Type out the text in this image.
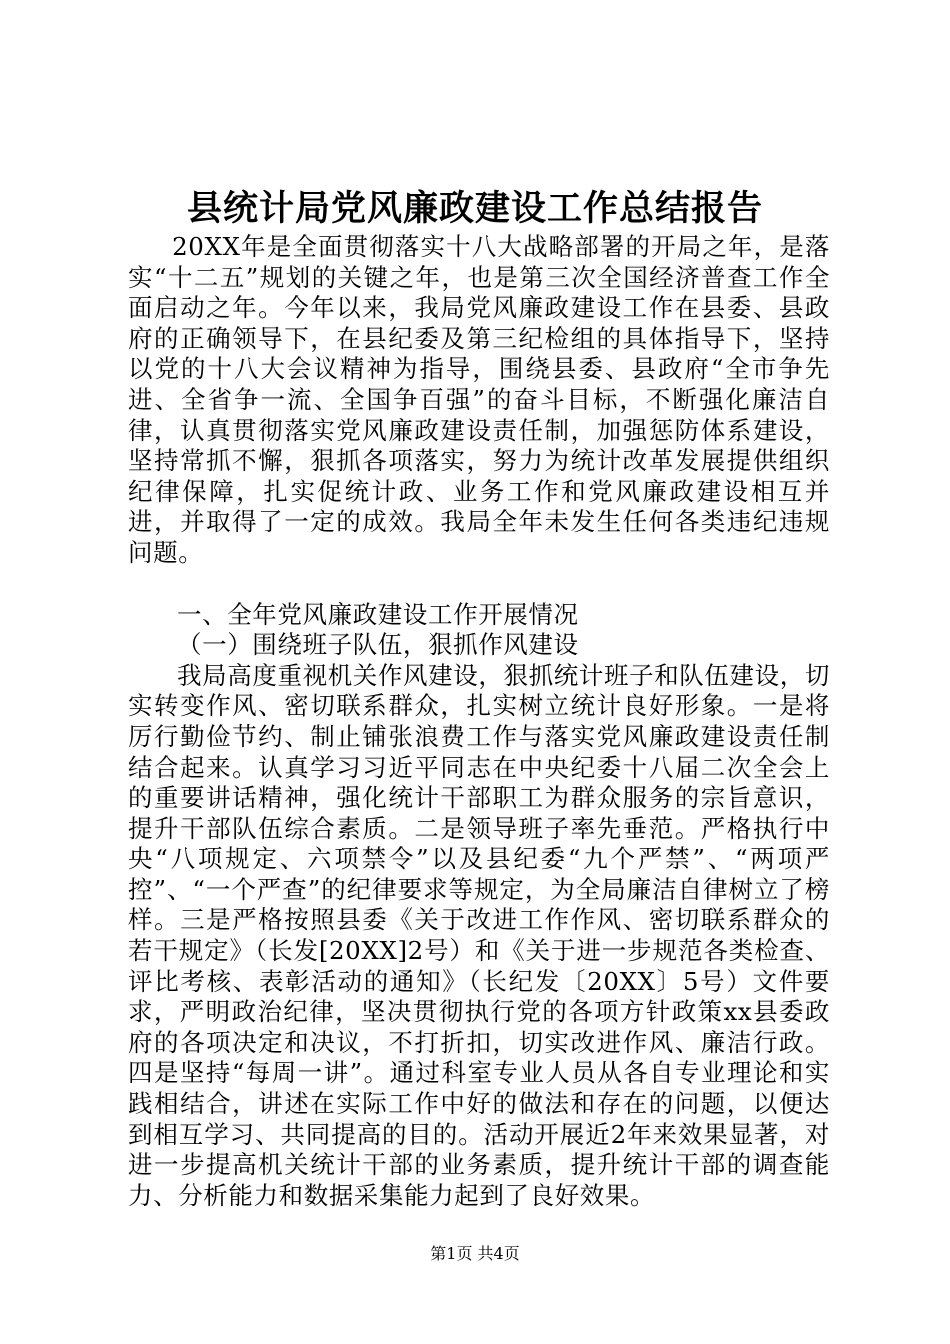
县统计局党风廉政建设工作总结报告

20XX年是全面贯彻落实十八大战略部署的开局之年，是落实“十二五”规划的关键之年，也是第三次全国经济普查工作全面启动之年。今年以来，我局党风廉政建设工作在县委、县政府的正确领导下，在县纪委及第三纪检组的具体指导下，坚持以党的十八大会议精神为指导，围绕县委、县政府“全市争先进、全省争一流、全国争百强”的奋斗目标，不断强化廉洁自律，认真贯彻落实党风廉政建设责任制，加强惩防体系建设，坚持常抓不懈，狠抓各项落实，努力为统计改革发展提供组织纪律保障，扎实促统计政、业务工作和党风廉政建设相互并进，并取得了一定的成效。我局全年未发生任何各类违纪违规问题。

一、全年党风廉政建设工作开展情况

（一）围绕班子队伍，狠抓作风建设

我局高度重视机关作风建设，狠抓统计班子和队伍建设，切实转变作风、密切联系群众，扎实树立统计良好形象。一是将厉行勤俭节约、制止铺张浪费工作与落实党风廉政建设责任制结合起来。认真学习习近平同志在中央纪委十八届二次全会上的重要讲话精神，强化统计干部职工为群众服务的宗旨意识，提升干部队伍综合素质。二是领导班子率先垂范。严格执行中央“八项规定、六项禁令”以及县纪委“九个严禁”、“两项严控”、“一个严查”的纪律要求等规定，为全局廉洁自律树立了榜样。三是严格按照县委《关于改进工作作风、密切联系群众的若干规定》（长发[20XX]2号）和《关于进一步规范各类检查、评比考核、表彰活动的通知》（长纪发〔20XX〕5号）文件要求，严明政治纪律，坚决贯彻执行党的各项方针政策xx县委政府的各项决定和决议，不打折扣，切实改进作风、廉洁行政。四是坚持“每周一讲”。通过科室专业人员从各自专业理论和实践相结合，讲述在实际工作中好的做法和存在的问题，以便达到相互学习、共同提高的目的。活动开展近2年来效果显著，对进一步提高机关统计干部的业务素质，提升统计干部的调查能力、分析能力和数据采集能力起到了良好效果。

第1页 共4页
